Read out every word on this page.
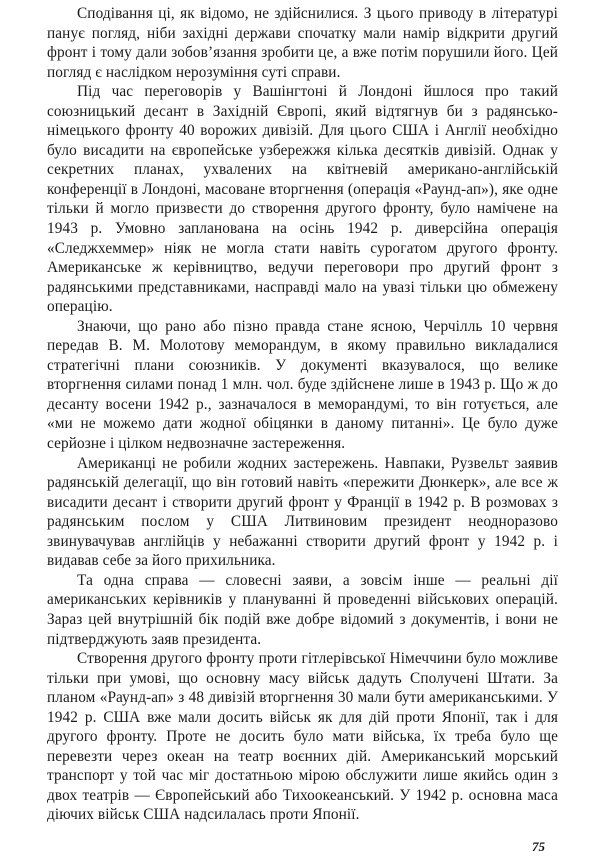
Сподівання ці, як відомо, не здійснилися. З цього приводу в літературі панує погляд, ніби західні держави спочатку мали намір відкрити другий фронт і тому дали зобов’язання зробити це, а вже потім порушили його. Цей погляд є наслідком нерозуміння суті справи.

Під час переговорів у Вашінгтоні й Лондоні йшлося про такий союзницький десант в Західній Європі, який відтягнув би з радянсько-німецького фронту 40 ворожих дивізій. Для цього США і Англії необхідно було висадити на європейське узбережжя кілька десятків дивізій. Однак у секретних планах, ухвалених на квітневій американо-англійській конференції в Лондоні, масоване вторгнення (операція «Раунд-ап»), яке одне тільки й могло призвести до створення другого фронту, було намічене на 1943 р. Умовно запланована на осінь 1942 р. диверсійна операція «Следжхеммер» ніяк не могла стати навіть сурогатом другого фронту. Американське ж керівництво, ведучи переговори про другий фронт з радянськими представниками, насправді мало на увазі тільки цю обмежену операцію.

Знаючи, що рано або пізно правда стане ясною, Черчілль 10 червня передав В. М. Молотову меморандум, в якому правильно викладалися стратегічні плани союзників. У документі вказувалося, що велике вторгнення силами понад 1 млн. чол. буде здійснене лише в 1943 р. Що ж до десанту восени 1942 р., зазначалося в меморандумі, то він готується, але «ми не можемо дати жодної обіцянки в даному питанні». Це було дуже серйозне і цілком недвозначне застереження.

Американці не робили жодних застережень. Навпаки, Рузвельт заявив радянській делегації, що він готовий навіть «пережити Дюнкерк», але все ж висадити десант і створити другий фронт у Франції в 1942 р. В розмовах з радянським послом у США Литвиновим президент неодноразово звинувачував англійців у небажанні створити другий фронт у 1942 р. і видавав себе за його прихильника.

Та одна справа — словесні заяви, а зовсім інше — реальні дії американських керівників у плануванні й проведенні військових операцій. Зараз цей внутрішній бік подій вже добре відомий з документів, і вони не підтверджують заяв президента.

Створення другого фронту проти гітлерівської Німеччини було можливе тільки при умові, що основну масу військ дадуть Сполучені Штати. За планом «Раунд-ап» з 48 дивізій вторгнення 30 мали бути американськими. У 1942 р. США вже мали досить військ як для дій проти Японії, так і для другого фронту. Проте не досить було мати війська, їх треба було ще перевезти через океан на театр воєнних дій. Американський морський транспорт у той час міг достатньою мірою обслужити лише якийсь один з двох театрів — Європейський або Тихоокеанський. У 1942 р. основна маса діючих військ США надсилалась проти Японії.

75
